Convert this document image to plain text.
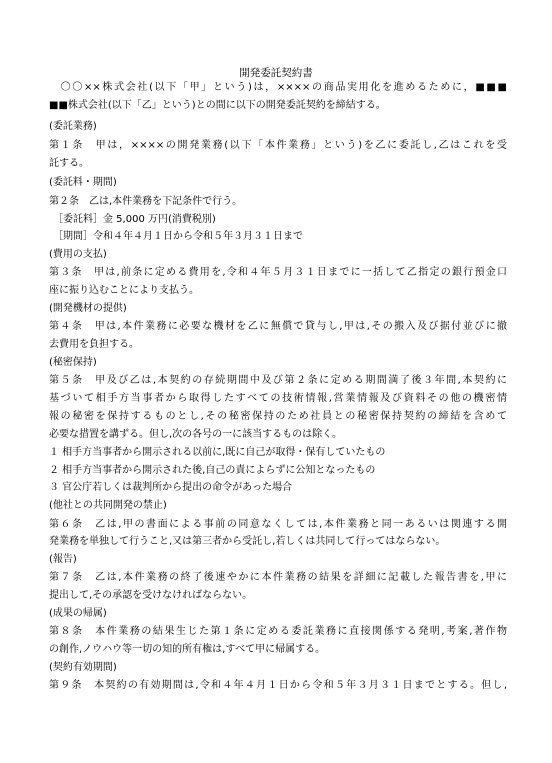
開発委託契約書
　〇〇××株式会社(以下「甲」という)は，××××の商品実用化を進めるために，■■■
■■株式会社(以下「乙」という)との間に以下の開発委託契約を締結する。
(委託業務)
第１条　甲は，××××の開発業務(以下「本件業務」という)を乙に委託し,乙はこれを受
託する。
(委託料・期間)
第２条　乙は,本件業務を下記条件で行う。
［委託料］金 5,000 万円(消費税別)
［期間］令和４年４月１日から令和５年３月３１日まで
(費用の支払)
第３条　甲は,前条に定める費用を,令和４年５月３１日までに一括して乙指定の銀行預金口
座に振り込むことにより支払う。
(開発機材の提供)
第４条　甲は,本件業務に必要な機材を乙に無償で貸与し,甲は,その搬入及び据付並びに撤
去費用を負担する。
(秘密保持)
第５条　甲及び乙は,本契約の存続期間中及び第２条に定める期間満了後３年間,本契約に
基づいて相手方当事者から取得したすべての技術情報,営業情報及び資料その他の機密情
報の秘密を保持するものとし,その秘密保持のため社員との秘密保持契約の締結を含めて
必要な措置を講ずる。但し,次の各号の一に該当するものは除く。
１ 相手方当事者から開示される以前に,既に自己が取得・保有していたもの
２ 相手方当事者から開示された後,自己の責によらずに公知となったもの
３ 官公庁若しくは裁判所から提出の命令があった場合
(他社との共同開発の禁止)
第６条　乙は,甲の書面による事前の同意なくしては,本件業務と同一あるいは関連する開
発業務を単独して行うこと,又は第三者から受託し,若しくは共同して行ってはならない。
(報告)
第７条　乙は,本件業務の終了後速やかに本件業務の結果を詳細に記載した報告書を,甲に
提出して,その承認を受けなければならない。
(成果の帰属)
第８条　本件業務の結果生じた第１条に定める委託業務に直接関係する発明,考案,著作物
の創作,ノウハウ等一切の知的所有権は,すべて甲に帰属する。
(契約有効期間)
第９条　本契約の有効期間は,令和４年４月１日から令和５年３月３１日までとする。但し,
